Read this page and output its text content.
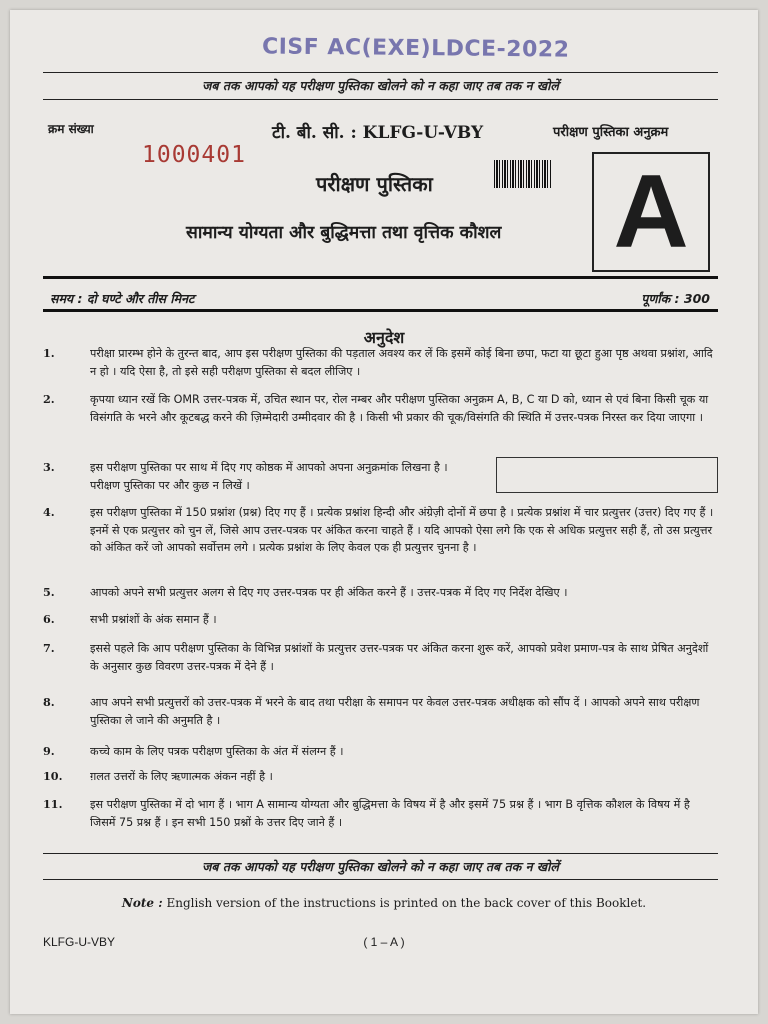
CISF AC(EXE)LDCE-2022
जब तक आपको यह परीक्षण पुस्तिका खोलने को न कहा जाए तब तक न खोलें
क्रम संख्या
1000401
टी. बी. सी. : KLFG-U-VBY	परीक्षण पुस्तिका अनुक्रम
परीक्षण पुस्तिका
सामान्य योग्यता और बुद्धिमत्ता तथा वृत्तिक कौशल A
समय : दो घण्टे और तीस मिनट	पूर्णांक : 300
अनुदेश
1.	परीक्षा प्रारम्भ होने के तुरन्त बाद, आप इस परीक्षण पुस्तिका की पड़ताल अवश्य कर लें कि इसमें कोई बिना छपा, फटा या छूटा हुआ पृष्ठ अथवा प्रश्नांश, आदि न हो । यदि ऐसा है, तो इसे सही परीक्षण पुस्तिका से बदल लीजिए ।
2.	कृपया ध्यान रखें कि OMR उत्तर-पत्रक में, उचित स्थान पर, रोल नम्बर और परीक्षण पुस्तिका अनुक्रम A, B, C या D को, ध्यान से एवं बिना किसी चूक या विसंगति के भरने और कूटबद्ध करने की ज़िम्मेदारी उम्मीदवार की है । किसी भी प्रकार की चूक/विसंगति की स्थिति में उत्तर-पत्रक निरस्त कर दिया जाएगा ।
3.	इस परीक्षण पुस्तिका पर साथ में दिए गए कोष्ठक में आपको अपना अनुक्रमांक लिखना है । परीक्षण पुस्तिका पर और कुछ न लिखें ।
4.	इस परीक्षण पुस्तिका में 150 प्रश्नांश (प्रश्न) दिए गए हैं । प्रत्येक प्रश्नांश हिन्दी और अंग्रेज़ी दोनों में छपा है । प्रत्येक प्रश्नांश में चार प्रत्युत्तर (उत्तर) दिए गए हैं । इनमें से एक प्रत्युत्तर को चुन लें, जिसे आप उत्तर-पत्रक पर अंकित करना चाहते हैं । यदि आपको ऐसा लगे कि एक से अधिक प्रत्युत्तर सही हैं, तो उस प्रत्युत्तर को अंकित करें जो आपको सर्वोत्तम लगे । प्रत्येक प्रश्नांश के लिए केवल एक ही प्रत्युत्तर चुनना है ।
5.	आपको अपने सभी प्रत्युत्तर अलग से दिए गए उत्तर-पत्रक पर ही अंकित करने हैं । उत्तर-पत्रक में दिए गए निर्देश देखिए ।
6.	सभी प्रश्नांशों के अंक समान हैं ।
7.	इससे पहले कि आप परीक्षण पुस्तिका के विभिन्न प्रश्नांशों के प्रत्युत्तर उत्तर-पत्रक पर अंकित करना शुरू करें, आपको प्रवेश प्रमाण-पत्र के साथ प्रेषित अनुदेशों के अनुसार कुछ विवरण उत्तर-पत्रक में देने हैं ।
8.	आप अपने सभी प्रत्युत्तरों को उत्तर-पत्रक में भरने के बाद तथा परीक्षा के समापन पर केवल उत्तर-पत्रक अधीक्षक को सौंप दें । आपको अपने साथ परीक्षण पुस्तिका ले जाने की अनुमति है ।
9.	कच्चे काम के लिए पत्रक परीक्षण पुस्तिका के अंत में संलग्न हैं ।
10. ग़लत उत्तरों के लिए ऋणात्मक अंकन नहीं है ।
11. इस परीक्षण पुस्तिका में दो भाग हैं । भाग A सामान्य योग्यता और बुद्धिमत्ता के विषय में है और इसमें 75 प्रश्न हैं । भाग B वृत्तिक कौशल के विषय में है जिसमें 75 प्रश्न हैं । इन सभी 150 प्रश्नों के उत्तर दिए जाने हैं ।
जब तक आपको यह परीक्षण पुस्तिका खोलने को न कहा जाए तब तक न खोलें
Note : English version of the instructions is printed on the back cover of this Booklet.
KLFG-U-VBY	( 1 – A )
